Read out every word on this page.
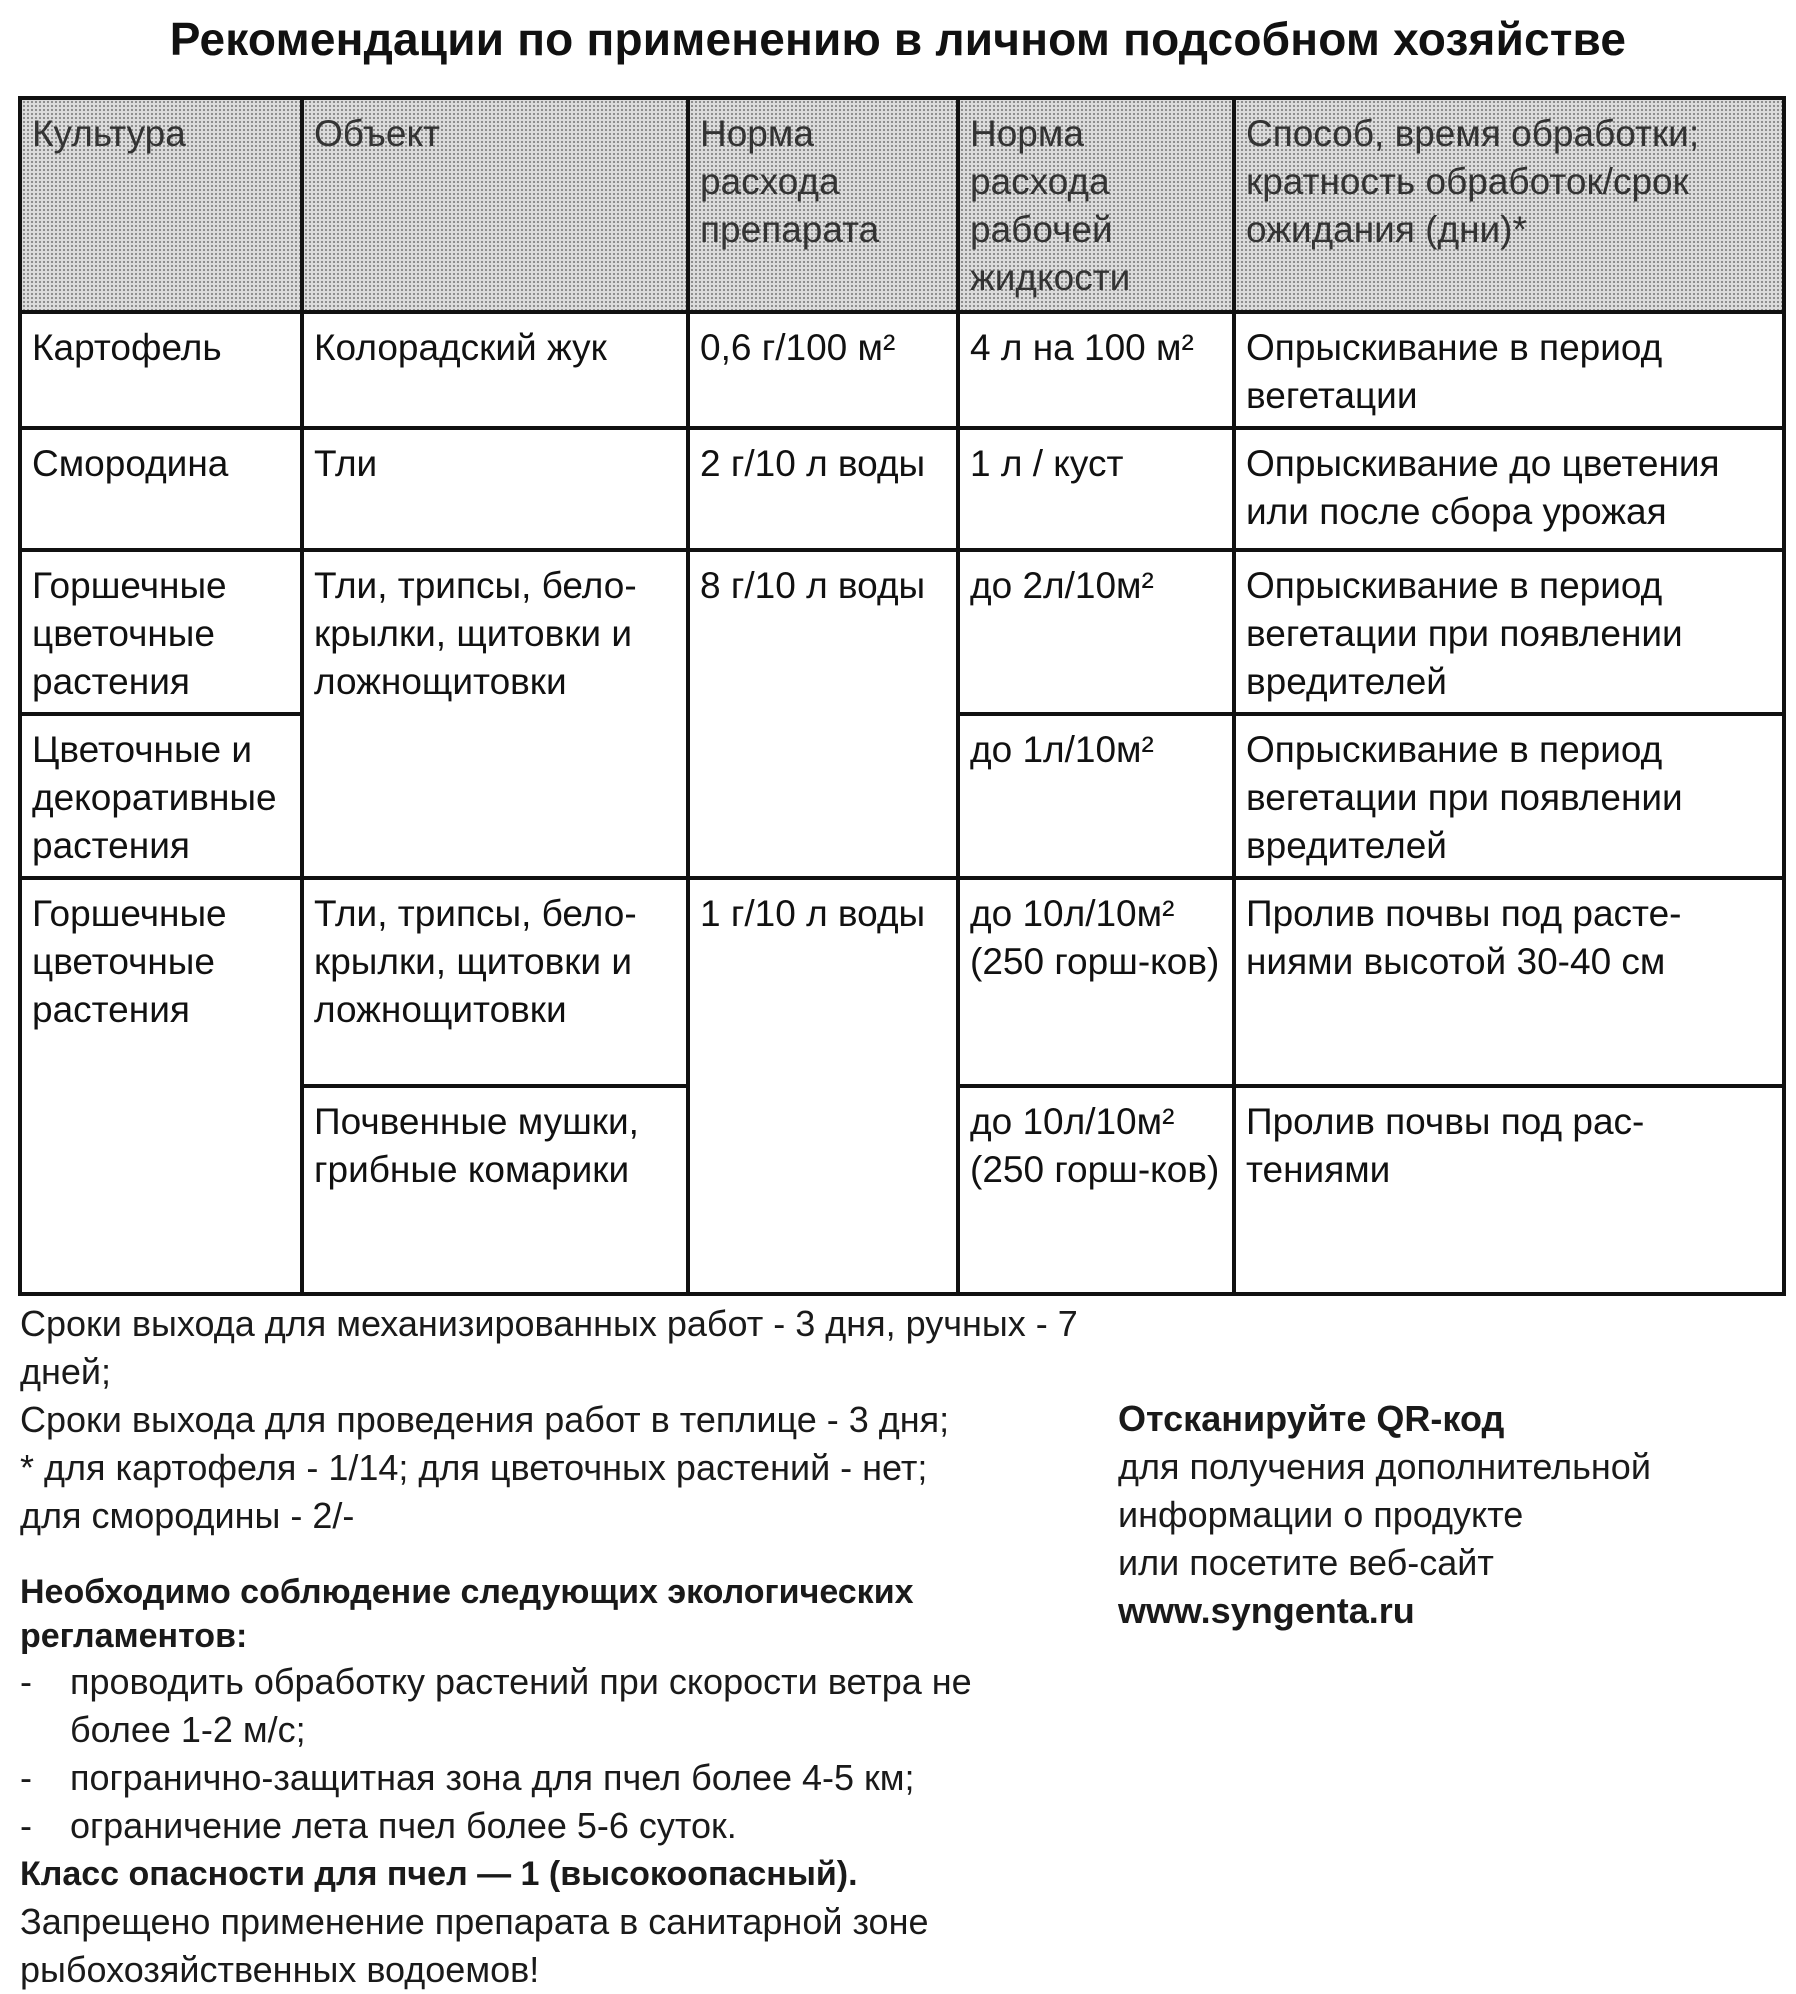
Рекомендации по применению в личном подсобном хозяйстве
Культура	Объект	Норма расхода препарата	Норма расхода рабочей жидкости	Способ, время обработки; кратность обработок/срок ожидания (дни)*
Картофель	Колорадский жук	0,6 г/100 м²	4 л на 100 м²	Опрыскивание в период вегетации
Смородина	Тли	2 г/10 л воды	1 л / куст	Опрыскивание до цветения или после сбора урожая
Горшечные цветочные растения	Тли, трипсы, бело-крылки, щитовки и ложнощитовки	8 г/10 л воды	до 2л/10м²	Опрыскивание в период вегетации при появлении вредителей
Цветочные и декоративные растения			до 1л/10м²	Опрыскивание в период вегетации при появлении вредителей
Горшечные цветочные растения	Тли, трипсы, бело-крылки, щитовки и ложнощитовки	1 г/10 л воды	до 10л/10м² (250 горш-ков)	Пролив почвы под расте-ниями высотой 30-40 см
	Почвенные мушки, грибные комарики		до 10л/10м² (250 горш-ков)	Пролив почвы под рас-тениями

Сроки выхода для механизированных работ - 3 дня, ручных - 7 дней;

Сроки выхода для проведения работ в теплице - 3 дня;

* для картофеля - 1/14; для цветочных растений - нет;

для смородины - 2/-

Необходимо соблюдение следующих экологических регламентов:

-	проводить обработку растений при скорости ветра не более 1-2 м/с;
-	погранично-защитная зона для пчел более 4-5 км;
-	ограничение лета пчел более 5-6 суток.

Класс опасности для пчел — 1 (высокоопасный).

Запрещено применение препарата в санитарной зоне рыбохозяйственных водоемов!

Отсканируйте QR-код

для получения дополнительной

информации о продукте

или посетите веб-сайт

www.syngenta.ru
